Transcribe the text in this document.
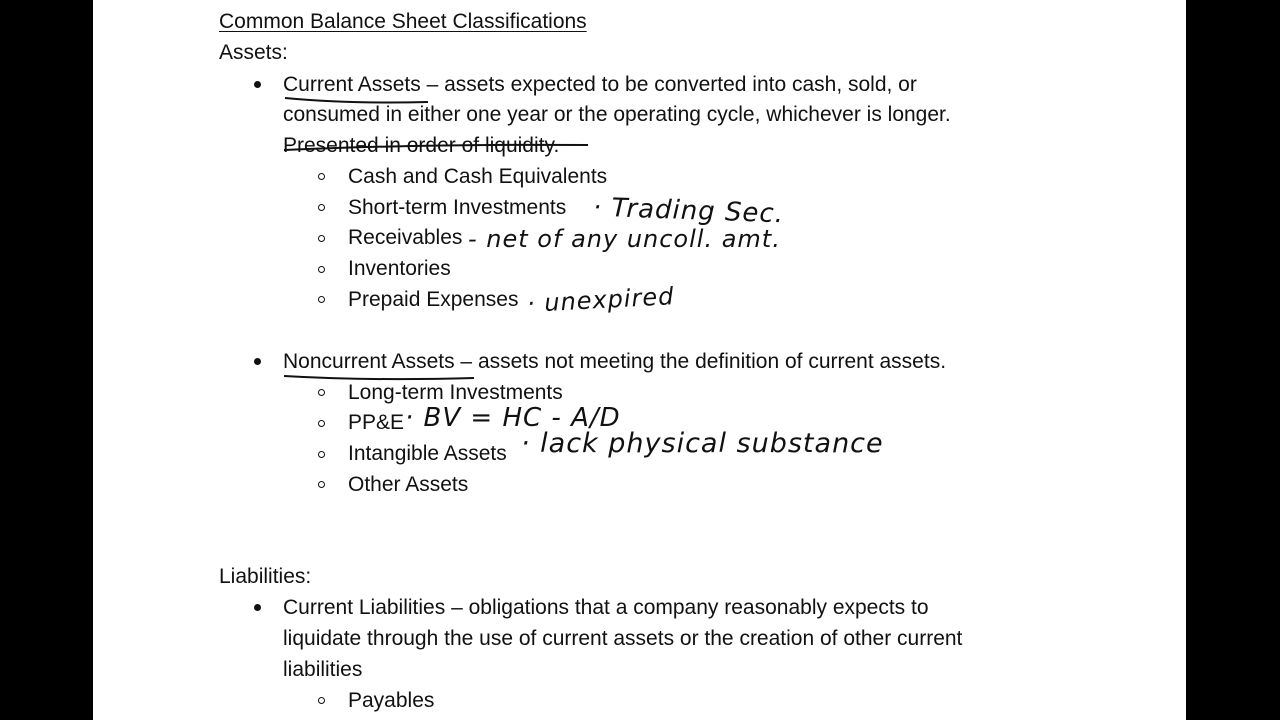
Common Balance Sheet Classifications
Assets:
Current Assets – assets expected to be converted into cash, sold, or
consumed in either one year or the operating cycle, whichever is longer.
Presented in order of liquidity.
Cash and Cash Equivalents
Short-term Investments
Receivables
Inventories
Prepaid Expenses
Noncurrent Assets – assets not meeting the definition of current assets.
Long-term Investments
PP&E
Intangible Assets
Other Assets
Liabilities:
Current Liabilities – obligations that a company reasonably expects to
liquidate through the use of current assets or the creation of other current
liabilities
Payables
· Trading Sec.
- net of any uncoll. amt.
· unexpired
· BV = HC - A/D
· lack physical substance
